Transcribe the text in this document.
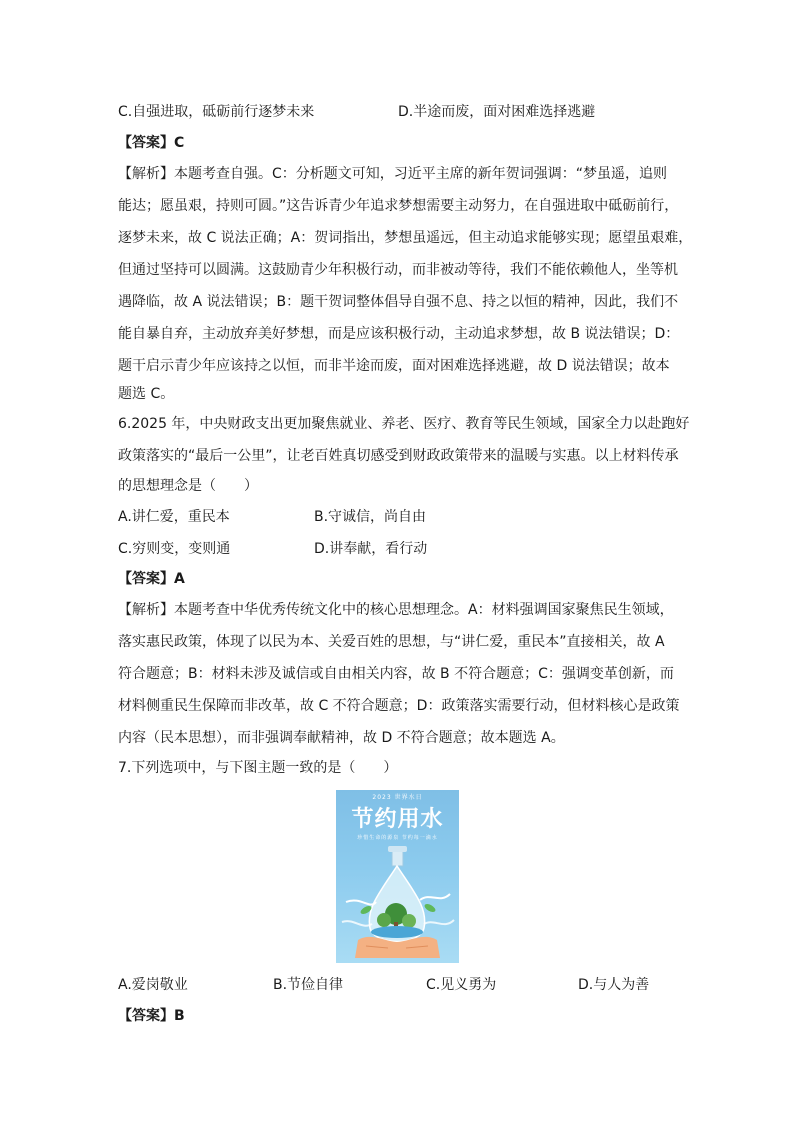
C.自强进取，砥砺前行逐梦未来	D.半途而废，面对困难选择逃避
【答案】C
【解析】本题考查自强。C：分析题文可知，习近平主席的新年贺词强调：“梦虽遥，追则
能达；愿虽艰，持则可圆。”这告诉青少年追求梦想需要主动努力，在自强进取中砥砺前行，
逐梦未来，故 C 说法正确；A：贺词指出，梦想虽遥远，但主动追求能够实现；愿望虽艰难，
但通过坚持可以圆满。这鼓励青少年积极行动，而非被动等待，我们不能依赖他人，坐等机
遇降临，故 A 说法错误；B：题干贺词整体倡导自强不息、持之以恒的精神，因此，我们不
能自暴自弃，主动放弃美好梦想，而是应该积极行动，主动追求梦想，故 B 说法错误；D：
题干启示青少年应该持之以恒，而非半途而废，面对困难选择逃避，故 D 说法错误；故本
题选 C。
6.2025 年，中央财政支出更加聚焦就业、养老、医疗、教育等民生领域，国家全力以赴跑好
政策落实的“最后一公里”，让老百姓真切感受到财政政策带来的温暖与实惠。以上材料传承
的思想理念是（　　）
A.讲仁爱，重民本	B.守诚信，尚自由
C.穷则变，变则通	D.讲奉献，看行动
【答案】A
【解析】本题考查中华优秀传统文化中的核心思想理念。A：材料强调国家聚焦民生领域，
落实惠民政策，体现了以民为本、关爱百姓的思想，与“讲仁爱，重民本”直接相关，故 A
符合题意；B：材料未涉及诚信或自由相关内容，故 B 不符合题意；C：强调变革创新，而
材料侧重民生保障而非改革，故 C 不符合题意；D：政策落实需要行动，但材料核心是政策
内容（民本思想），而非强调奉献精神，故 D 不符合题意；故本题选 A。
7.下列选项中，与下图主题一致的是（　　）
2023 世界水日
节约用水
珍惜生命的源泉 节约每一滴水
A.爱岗敬业	B.节俭自律	C.见义勇为	D.与人为善
【答案】B
